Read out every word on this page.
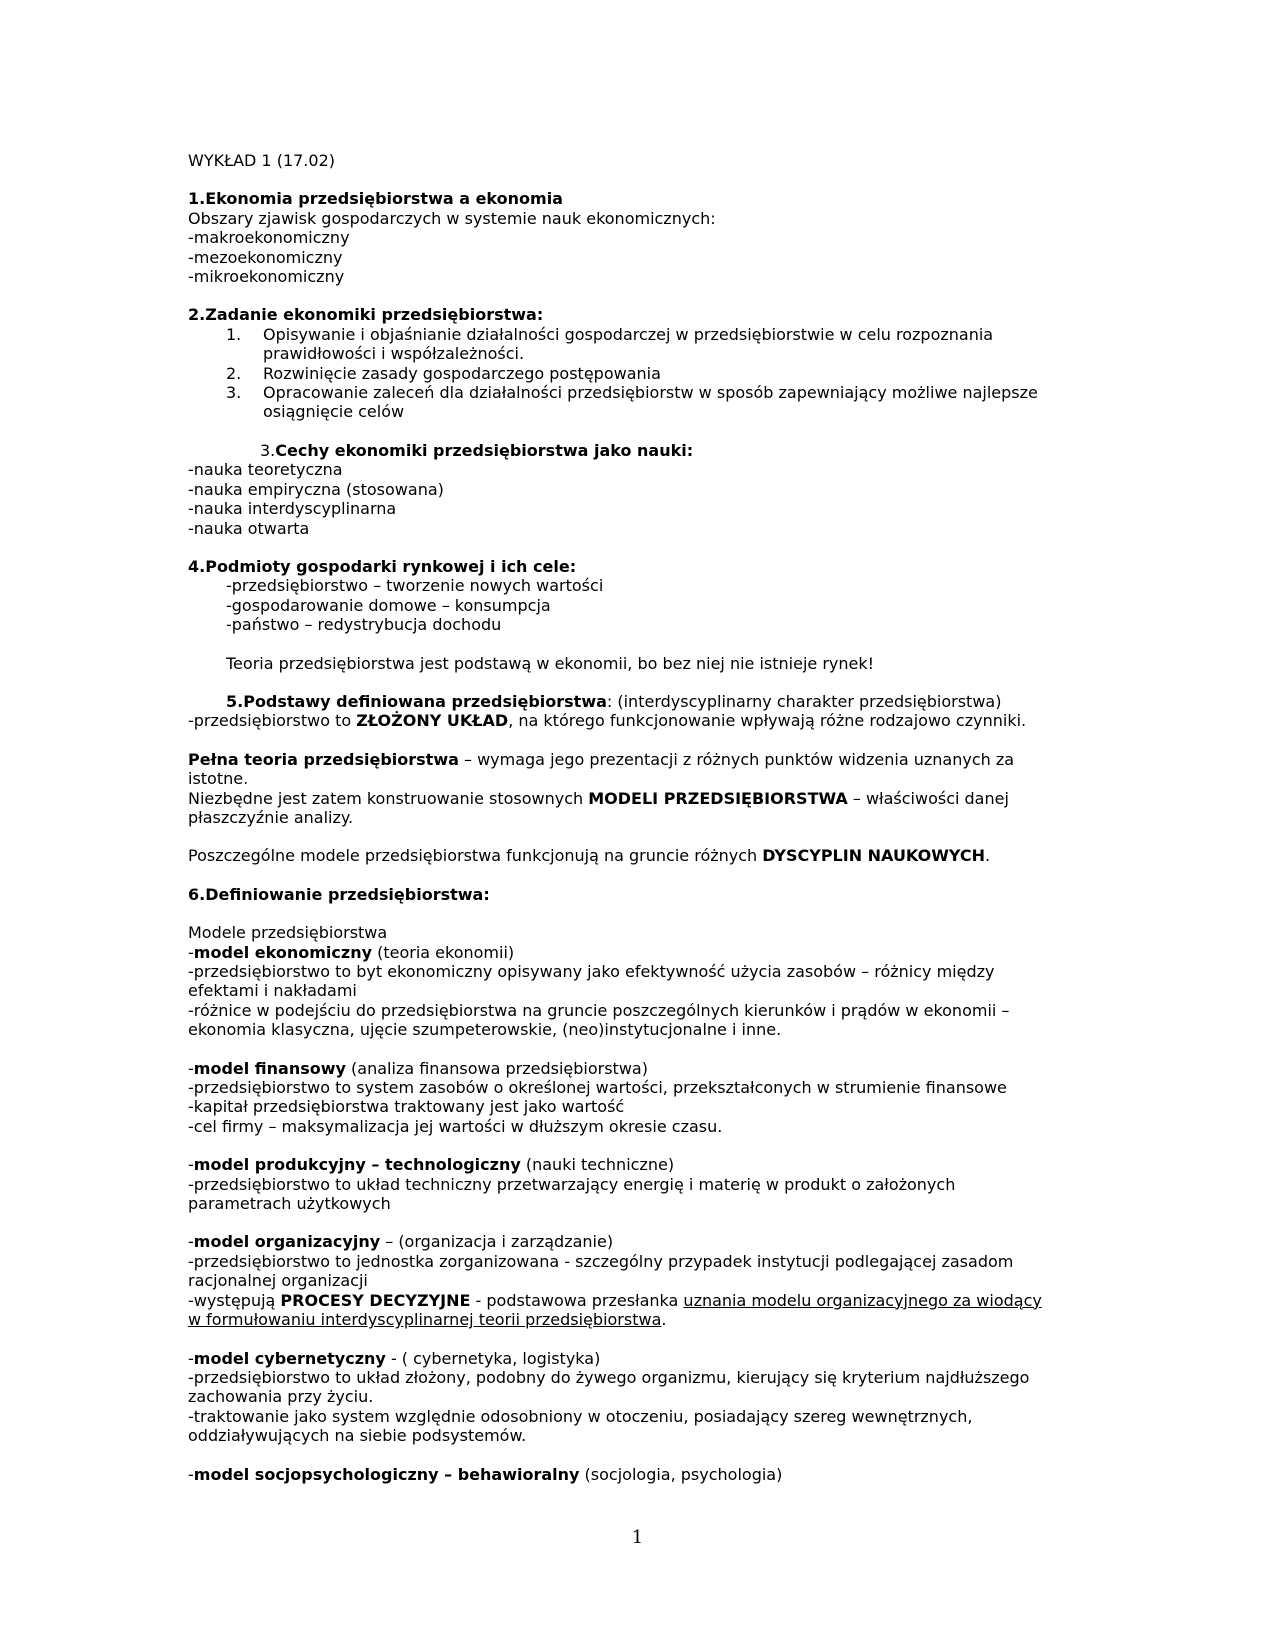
WYKŁAD 1 (17.02)
1.Ekonomia przedsiębiorstwa a ekonomia
Obszary zjawisk gospodarczych w systemie nauk ekonomicznych:
-makroekonomiczny
-mezoekonomiczny
-mikroekonomiczny
2.Zadanie ekonomiki przedsiębiorstwa:
1. Opisywanie i objaśnianie działalności gospodarczej w przedsiębiorstwie w celu rozpoznania
prawidłowości i współzależności.
2. Rozwinięcie zasady gospodarczego postępowania
3. Opracowanie zaleceń dla działalności przedsiębiorstw w sposób zapewniający możliwe najlepsze
osiągnięcie celów
3.Cechy ekonomiki przedsiębiorstwa jako nauki:
-nauka teoretyczna
-nauka empiryczna (stosowana)
-nauka interdyscyplinarna
-nauka otwarta
4.Podmioty gospodarki rynkowej i ich cele:
-przedsiębiorstwo – tworzenie nowych wartości
-gospodarowanie domowe – konsumpcja
-państwo – redystrybucja dochodu
Teoria przedsiębiorstwa jest podstawą w ekonomii, bo bez niej nie istnieje rynek!
5.Podstawy definiowana przedsiębiorstwa: (interdyscyplinarny charakter przedsiębiorstwa)
-przedsiębiorstwo to ZŁOŻONY UKŁAD, na którego funkcjonowanie wpływają różne rodzajowo czynniki.
Pełna teoria przedsiębiorstwa – wymaga jego prezentacji z różnych punktów widzenia uznanych za
istotne.
Niezbędne jest zatem konstruowanie stosownych MODELI PRZEDSIĘBIORSTWA – właściwości danej
płaszczyźnie analizy.
Poszczególne modele przedsiębiorstwa funkcjonują na gruncie różnych DYSCYPLIN NAUKOWYCH.
6.Definiowanie przedsiębiorstwa:
Modele przedsiębiorstwa
-model ekonomiczny (teoria ekonomii)
-przedsiębiorstwo to byt ekonomiczny opisywany jako efektywność użycia zasobów – różnicy między
efektami i nakładami
-różnice w podejściu do przedsiębiorstwa na gruncie poszczególnych kierunków i prądów w ekonomii –
ekonomia klasyczna, ujęcie szumpeterowskie, (neo)instytucjonalne i inne.
-model finansowy (analiza finansowa przedsiębiorstwa)
-przedsiębiorstwo to system zasobów o określonej wartości, przekształconych w strumienie finansowe
-kapitał przedsiębiorstwa traktowany jest jako wartość
-cel firmy – maksymalizacja jej wartości w dłuższym okresie czasu.
-model produkcyjny – technologiczny (nauki techniczne)
-przedsiębiorstwo to układ techniczny przetwarzający energię i materię w produkt o założonych
parametrach użytkowych
-model organizacyjny – (organizacja i zarządzanie)
-przedsiębiorstwo to jednostka zorganizowana - szczególny przypadek instytucji podlegającej zasadom
racjonalnej organizacji
-występują PROCESY DECYZYJNE - podstawowa przesłanka uznania modelu organizacyjnego za wiodący
w formułowaniu interdyscyplinarnej teorii przedsiębiorstwa.
-model cybernetyczny - ( cybernetyka, logistyka)
-przedsiębiorstwo to układ złożony, podobny do żywego organizmu, kierujący się kryterium najdłuższego
zachowania przy życiu.
-traktowanie jako system względnie odosobniony w otoczeniu, posiadający szereg wewnętrznych,
oddziaływujących na siebie podsystemów.
-model socjopsychologiczny – behawioralny (socjologia, psychologia)
1
